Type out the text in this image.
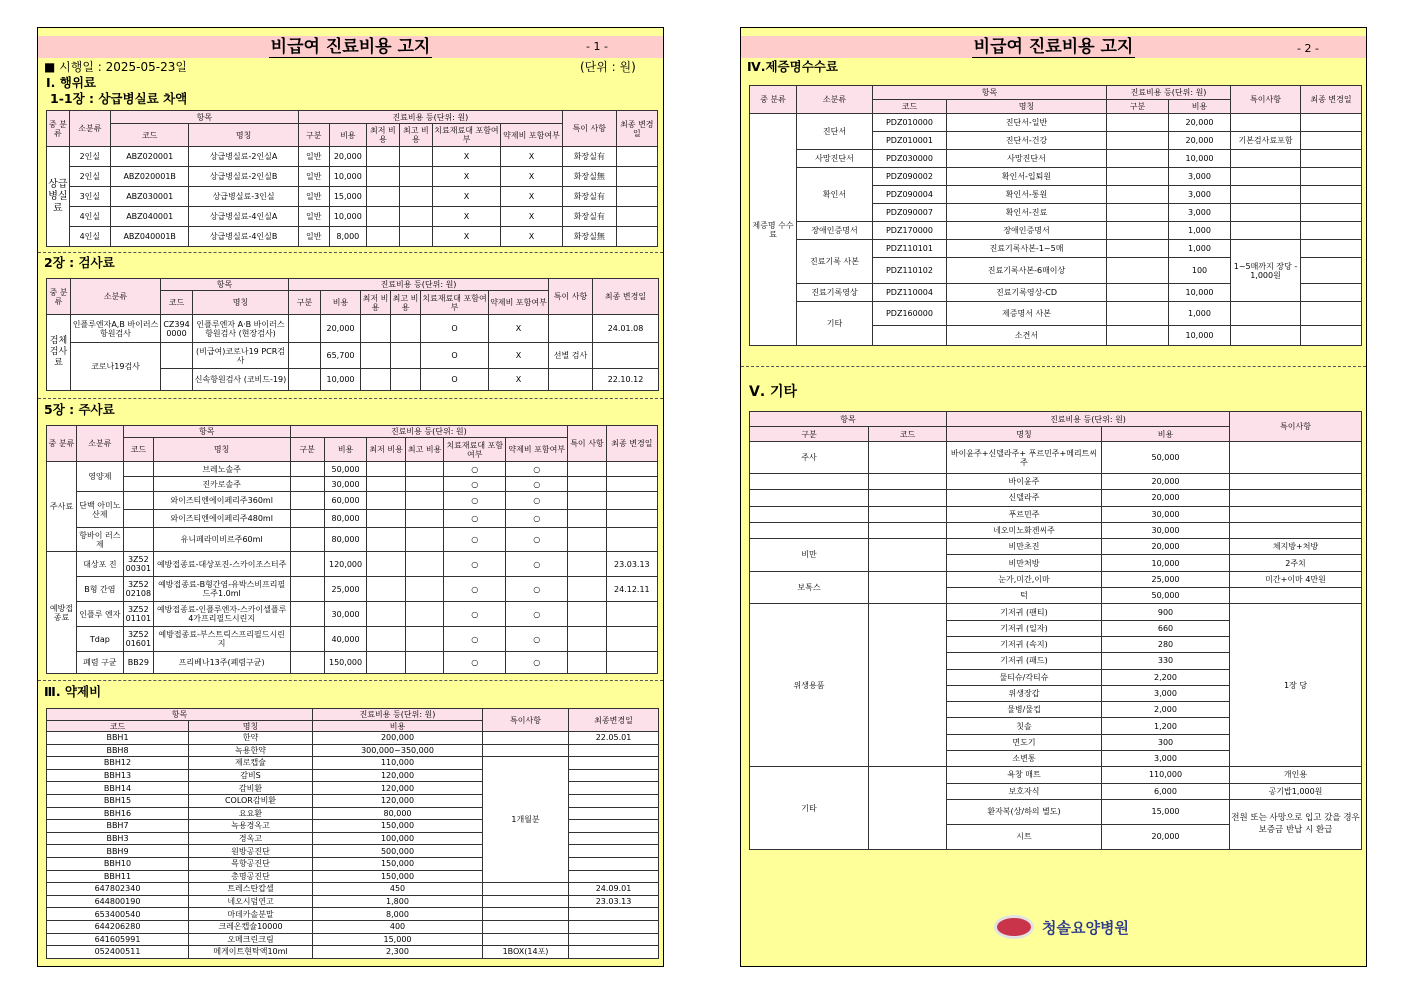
비급여 진료비용 고지	- 1 -
■ 시행일 : 2025-05-23일	(단위 : 원)
Ⅰ. 행위료
1-1장 : 상급병실료 차액
중 분류	소분류	항목		진료비용 등(단위: 원)						특이 사항	최종 변경일
		코드	명칭	구분	비용	최저 비용	최고 비용	치료재료대 포함여부	약제비 포함여부		
상급병실료	2인실	ABZ020001	상급병실료-2인실A	일반	20,000			X	X	화장실有	
	2인실	ABZ020001B	상급병실료-2인실B	일반	10,000			X	X	화장실無	
	3인실	ABZ030001	상급병실료-3인실	일반	15,000			X	X	화장실有	
	4인실	ABZ040001	상급병실료-4인실A	일반	10,000			X	X	화장실有	
	4인실	ABZ040001B	상급병실료-4인실B	일반	8,000			X	X	화장실無	
2장 : 검사료
중 분류	소분류	항목		진료비용 등(단위: 원)						특이 사항	최종 변경일
		코드	명칭	구분	비용	최저 비용	최고 비용	치료재료대 포함여부	약제비 포함여부		
검체검사료	인플루엔자A,B 바이러스항원검사	CZ394 0000	인플루엔자 A·B 바이러스항원검사 (현장검사)		20,000			O	X		24.01.08
	코로나19검사		(비급여)코로나19 PCR검사		65,700			O	X	선별 검사	
			신속항원검사 (코비드-19)		10,000			O	X		22.10.12
5장 : 주사료
중 분류	소분류	항목		진료비용 등(단위: 원)						특이 사항	최종 변경일
		코드	명칭	구분	비용	최저 비용	최고 비용	치료재료대 포함여부	약제비 포함여부		
주사료	영양제		브레노솔주		50,000			○	○		
			진카로솔주		30,000			○	○		
	단백 아미노 산제		와이즈티엔에이페리주360ml		60,000			○	○		
			와이즈티엔에이페리주480ml		80,000			○	○		
	항바이 러스제		유니페라미비르주60ml		80,000			○	○		
예방접종료	대상포 진	3Z52 00301	예방접종료-대상포진-스카이조스터주		120,000			○	○		23.03.13
	B형 간염	3Z52 02108	예방접종료-B형간염-유박스비프리필드주1.0ml		25,000			○	○		24.12.11
	인플루 엔자	3Z52 01101	예방접종료-인플루엔자-스카이셀플루4가프리필드시린지		30,000			○	○		
	Tdap	3Z52 01601	예방접종료-부스트릭스프리필드시린지		40,000			○	○		
	폐렴 구균	BB29	프리베나13주(폐렴구균)		150,000			○	○		
Ⅲ. 약제비
항목		진료비용 등(단위: 원)	특이사항	최종변경일
코드	명칭	비용		
BBH1	한약	200,000		22.05.01
BBH8	녹용한약	300,000~350,000		
BBH12	제로캡슐	110,000	1개월분	
BBH13	감비S	120,000		
BBH14	감비환	120,000		
BBH15	COLOR감비환	120,000		
BBH16	요요환	80,000		
BBH7	녹용경옥고	150,000		
BBH3	경옥고	100,000		
BBH9	원방공진단	500,000		
BBH10	목향공진단	150,000		
BBH11	총명공진단	150,000		
647802340	트레스탄캅셀	450		24.09.01
644800190	네오시덤연고	1,800		23.03.13
653400540	마데카솔분말	8,000		
644206280	크레온캡슐10000	400		
641605991	오메크린크림	15,000		
052400511	메게이트현탁액10ml	2,300	1BOX(14포)	
비급여 진료비용 고지	- 2 -
Ⅳ.제증명수수료
중 분류	소분류	항목		진료비용 등(단위: 원)		특이사항	최종 변경일
		코드	명칭	구분	비용		
제증명 수수료	진단서	PDZ010000	진단서-일반		20,000		
		PDZ010001	진단서-건강		20,000	기본검사료포함	
	사망진단서	PDZ030000	사망진단서		10,000		
	확인서	PDZ090002	확인서-입퇴원		3,000		
		PDZ090004	확인서-통원		3,000		
		PDZ090007	확인서-진료		3,000		
	장애인증명서	PDZ170000	장애인증명서		1,000		
	진료기록 사본	PDZ110101	진료기록사본-1~5매		1,000	1~5매까지 장당 - 1,000원	
		PDZ110102	진료기록사본-6매이상		100		
	진료기록영상	PDZ110004	진료기록영상-CD		10,000		
	기타	PDZ160000	제증명서 사본		1,000		
			소견서		10,000		
Ⅴ. 기타
항목		진료비용 등(단위: 원)		특이사항
구분	코드	명칭	비용	
주사		바이윤주+신델라주+ 푸르민주+메리트씨주	50,000	
		바이윤주	20,000	
		신델라주	20,000	
		푸르민주	30,000	
		네오미노화겐씨주	30,000	
비만		비만초진	20,000	체지방+처방
		비만처방	10,000	2주치
보톡스		눈가,미간,이마	25,000	미간+이마 4만원
		턱	50,000	
위생용품		기저귀 (팬티)	900	1장 당
		기저귀 (일자)	660	
		기저귀 (속지)	280	
		기저귀 (패드)	330	
		물티슈/각티슈	2,200	
		위생장갑	3,000	
		물병/물컵	2,000	
		칫솔	1,200	
		면도기	300	
		소변통	3,000	
기타		욕창 매트	110,000	개인용
		보호자식	6,000	공기밥1,000원
		환자복(상/하의 별도)	15,000	전원 또는 사망으로 입고 갔을 경우 보증금 반납 시 환급
		시트	20,000	
청솔요양병원
